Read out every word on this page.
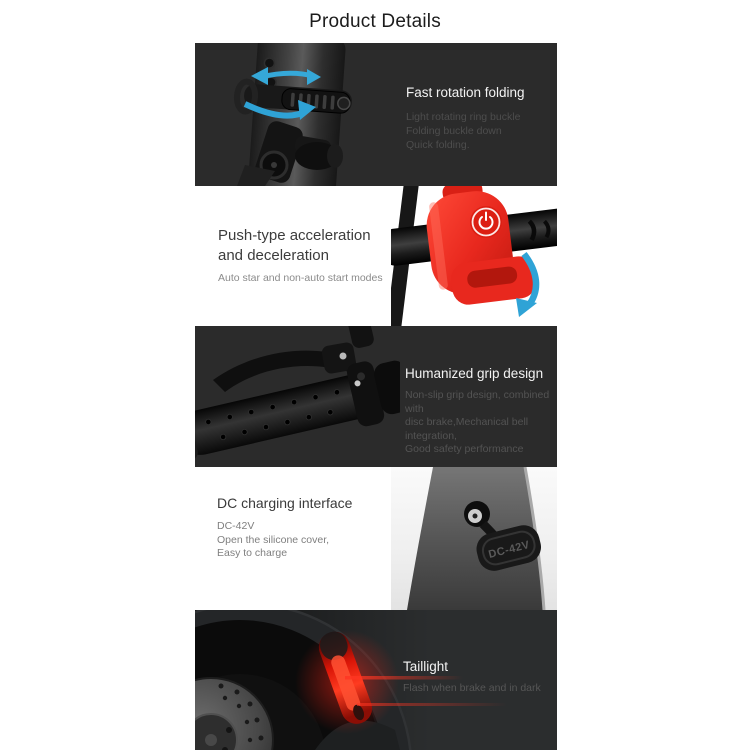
Product Details
Fast rotation folding
Light rotating ring buckle
Folding buckle down
Quick folding.
Push-type acceleration
and deceleration
Auto star and non-auto start modes
Humanized grip design
Non-slip grip design, combined with
disc brake,Mechanical bell integration,
Good safety performance
DC charging interface
DC-42V
Open the silicone cover,
Easy to charge	DC-42V
Taillight
Flash when brake and in dark
